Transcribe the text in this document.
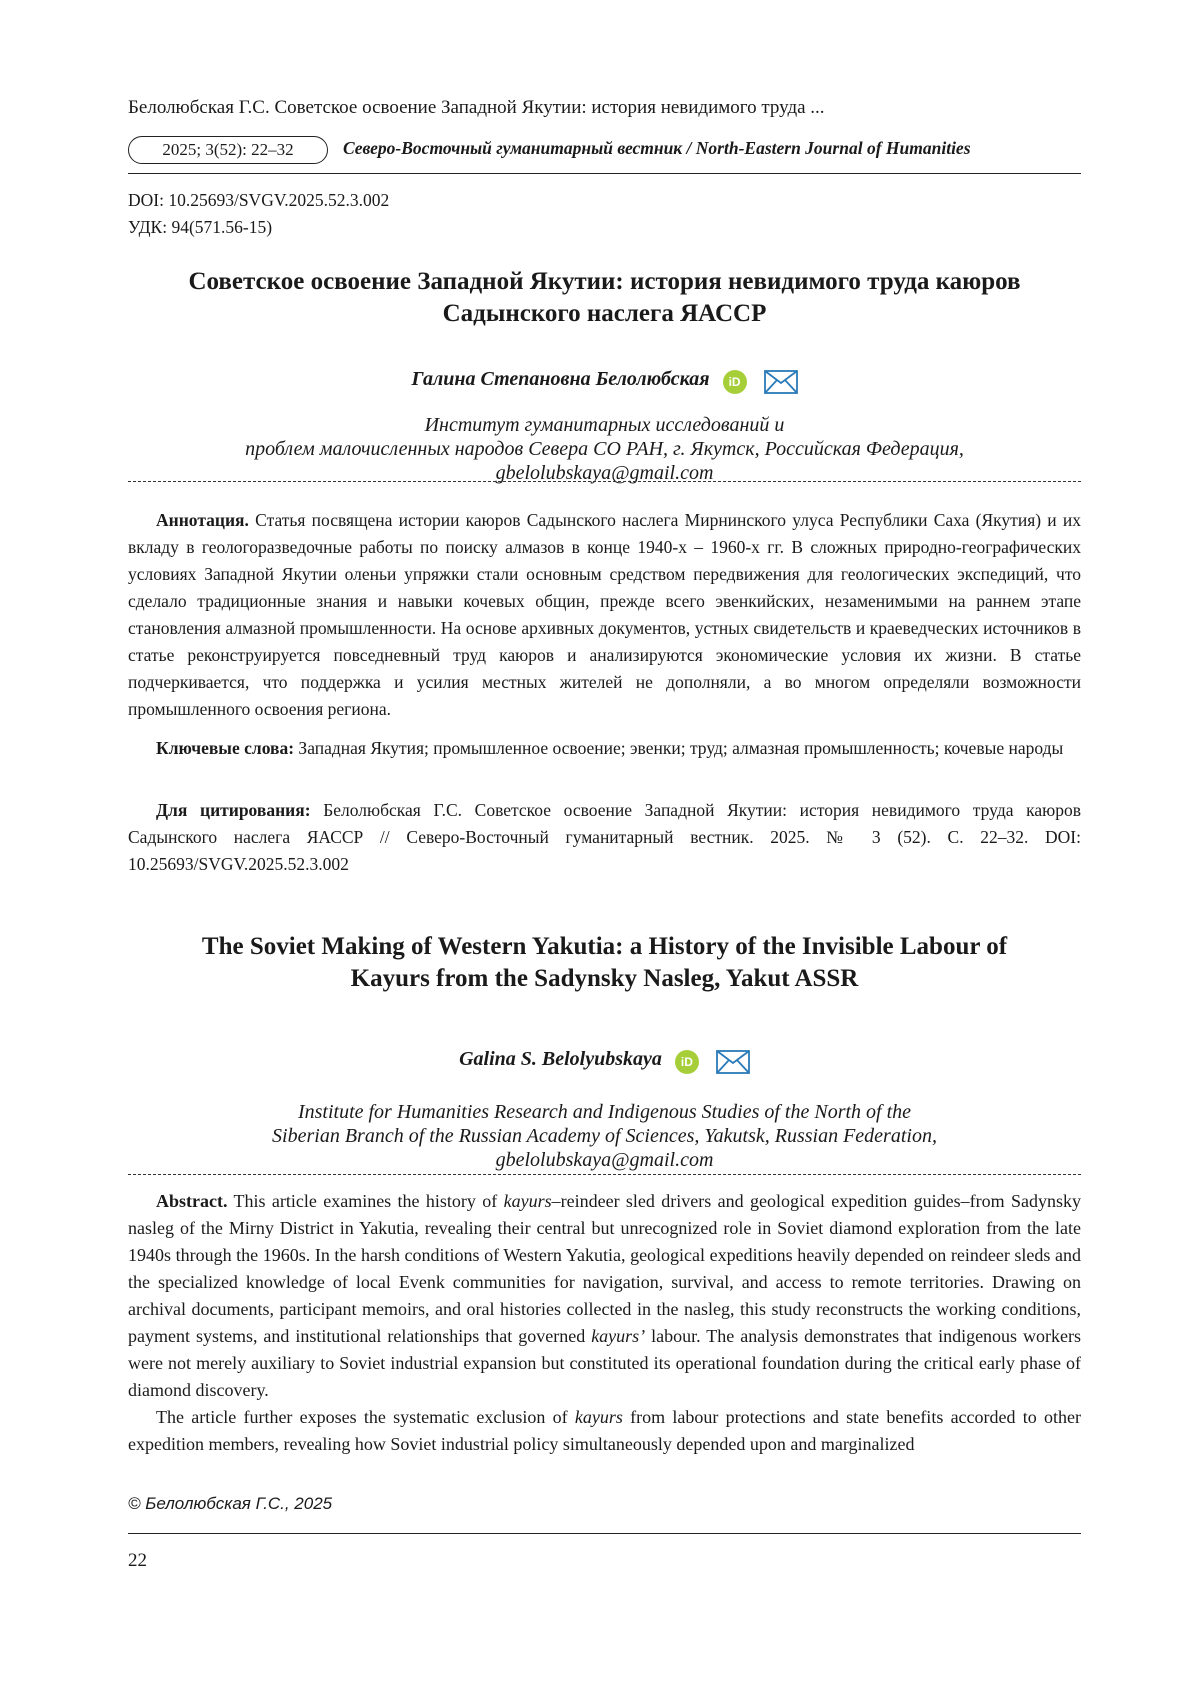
Белолюбская Г.С. Советское освоение Западной Якутии: история невидимого труда ...
2025; 3(52): 22–32	Северо-Восточный гуманитарный вестник / North-Eastern Journal of Humanities
DOI: 10.25693/SVGV.2025.52.3.002
УДК: 94(571.56-15)
Советское освоение Западной Якутии: история невидимого труда каюров
Садынского наслега ЯАССР
Галина Степановна Белолюбская iD
Институт гуманитарных исследований и
проблем малочисленных народов Севера СО РАН, г. Якутск, Российская Федерация,
gbelolubskaya@gmail.com
Аннотация. Статья посвящена истории каюров Садынского наслега Мирнинского улуса Республики Саха (Якутия) и их вкладу в геологоразведочные работы по поиску алмазов в конце 1940-х – 1960-х гг. В сложных природно-географических условиях Западной Якутии оленьи упряжки стали основным средством передвижения для геологических экспедиций, что сделало традиционные знания и навыки кочевых общин, прежде всего эвенкийских, незаменимыми на раннем этапе становления алмазной промышленности. На основе архивных документов, устных свидетельств и краеведческих источников в статье реконструируется повседневный труд каюров и анализируются экономические условия их жизни. В статье подчеркивается, что поддержка и усилия местных жителей не дополняли, а во многом определяли возможности промышленного освоения региона.
Ключевые слова: Западная Якутия; промышленное освоение; эвенки; труд; алмазная промышленность; кочевые народы
Для цитирования: Белолюбская Г.С. Советское освоение Западной Якутии: история невидимого труда каюров Садынского наслега ЯАССР // Северо-Восточный гуманитарный вестник. 2025. № 3 (52). С. 22–32. DOI: 10.25693/SVGV.2025.52.3.002
The Soviet Making of Western Yakutia: a History of the Invisible Labour of
Kayurs from the Sadynsky Nasleg, Yakut ASSR
Galina S. Belolyubskaya iD
Institute for Humanities Research and Indigenous Studies of the North of the
Siberian Branch of the Russian Academy of Sciences, Yakutsk, Russian Federation,
gbelolubskaya@gmail.com
Abstract. This article examines the history of kayurs–reindeer sled drivers and geological expedition guides–from Sadynsky nasleg of the Mirny District in Yakutia, revealing their central but unrecognized role in Soviet diamond exploration from the late 1940s through the 1960s. In the harsh conditions of Western Yakutia, geological expeditions heavily depended on reindeer sleds and the specialized knowledge of local Evenk communities for navigation, survival, and access to remote territories. Drawing on archival documents, participant memoirs, and oral histories collected in the nasleg, this study reconstructs the working conditions, payment systems, and institutional relationships that governed kayurs’ labour. The analysis demonstrates that indigenous workers were not merely auxiliary to Soviet industrial expansion but constituted its operational foundation during the critical early phase of diamond discovery.
The article further exposes the systematic exclusion of kayurs from labour protections and state benefits accorded to other expedition members, revealing how Soviet industrial policy simultaneously depended upon and marginalized
© Белолюбская Г.С., 2025
22
